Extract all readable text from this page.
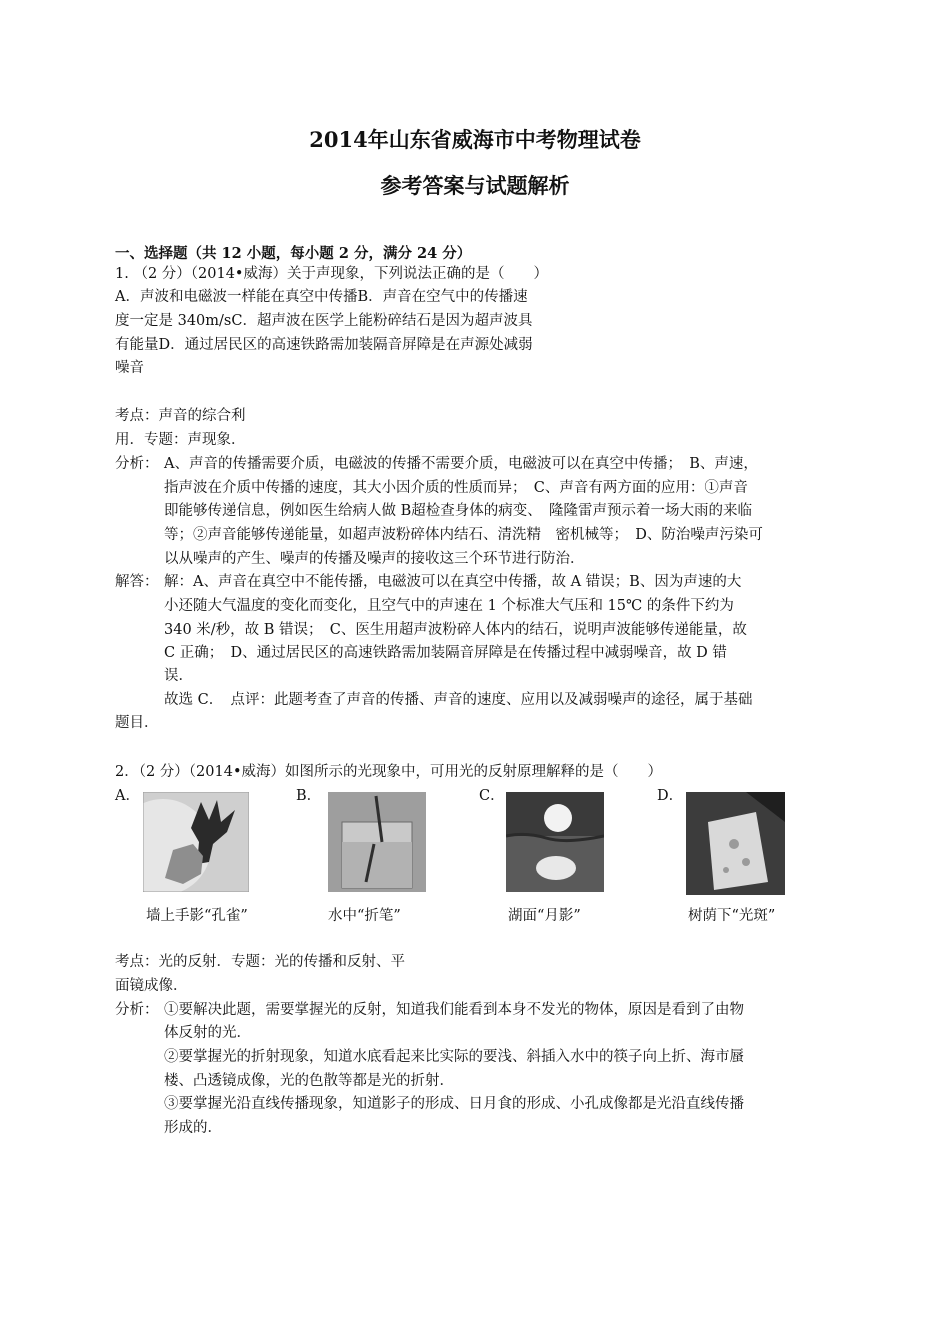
2014年山东省威海市中考物理试卷
参考答案与试题解析
一、选择题（共 12 小题，每小题 2 分，满分 24 分）
1. （2 分）（2014•威海）关于声现象，下列说法正确的是（　　）
A．声波和电磁波一样能在真空中传播B．声音在空气中的传播速
度一定是 340m/sC．超声波在医学上能粉碎结石是因为超声波具
有能量D．通过居民区的高速铁路需加装隔音屏障是在声源处减弱
噪音
考点：声音的综合利
用．专题：声现象．
分析： A、声音的传播需要介质，电磁波的传播不需要介质，电磁波可以在真空中传播；　B、声速，
指声波在介质中传播的速度，其大小因介质的性质而异；　C、声音有两方面的应用：①声音
即能够传递信息，例如医生给病人做 B超检查身体的病变、　隆隆雷声预示着一场大雨的来临
等；②声音能够传递能量，如超声波粉碎体内结石、清洗精　密机械等；　D、防治噪声污染可
以从噪声的产生、噪声的传播及噪声的接收这三个环节进行防治．
解答： 解：A、声音在真空中不能传播，电磁波可以在真空中传播，故 A 错误；B、因为声速的大
小还随大气温度的变化而变化，且空气中的声速在 1 个标准大气压和 15℃ 的条件下约为
340 米/秒，故 B 错误；　C、医生用超声波粉碎人体内的结石，说明声波能够传递能量，故
C 正确；　D、通过居民区的高速铁路需加装隔音屏障是在传播过程中减弱噪音，故 D 错
误．
故选 C．　点评：此题考查了声音的传播、声音的速度、应用以及减弱噪声的途径，属于基础
题目．
2．（2 分）（2014•威海）如图所示的光现象中，可用光的反射原理解释的是（　　）
A．	B．	C．	D．
墙上手影“孔雀”	水中“折笔”	湖面“月影”	树荫下“光斑”
考点：光的反射．专题：光的传播和反射、平
面镜成像．
分析： ①要解决此题，需要掌握光的反射，知道我们能看到本身不发光的物体，原因是看到了由物
体反射的光．
②要掌握光的折射现象，知道水底看起来比实际的要浅、斜插入水中的筷子向上折、海市蜃
楼、凸透镜成像，光的色散等都是光的折射．
③要掌握光沿直线传播现象，知道影子的形成、日月食的形成、小孔成像都是光沿直线传播
形成的．
